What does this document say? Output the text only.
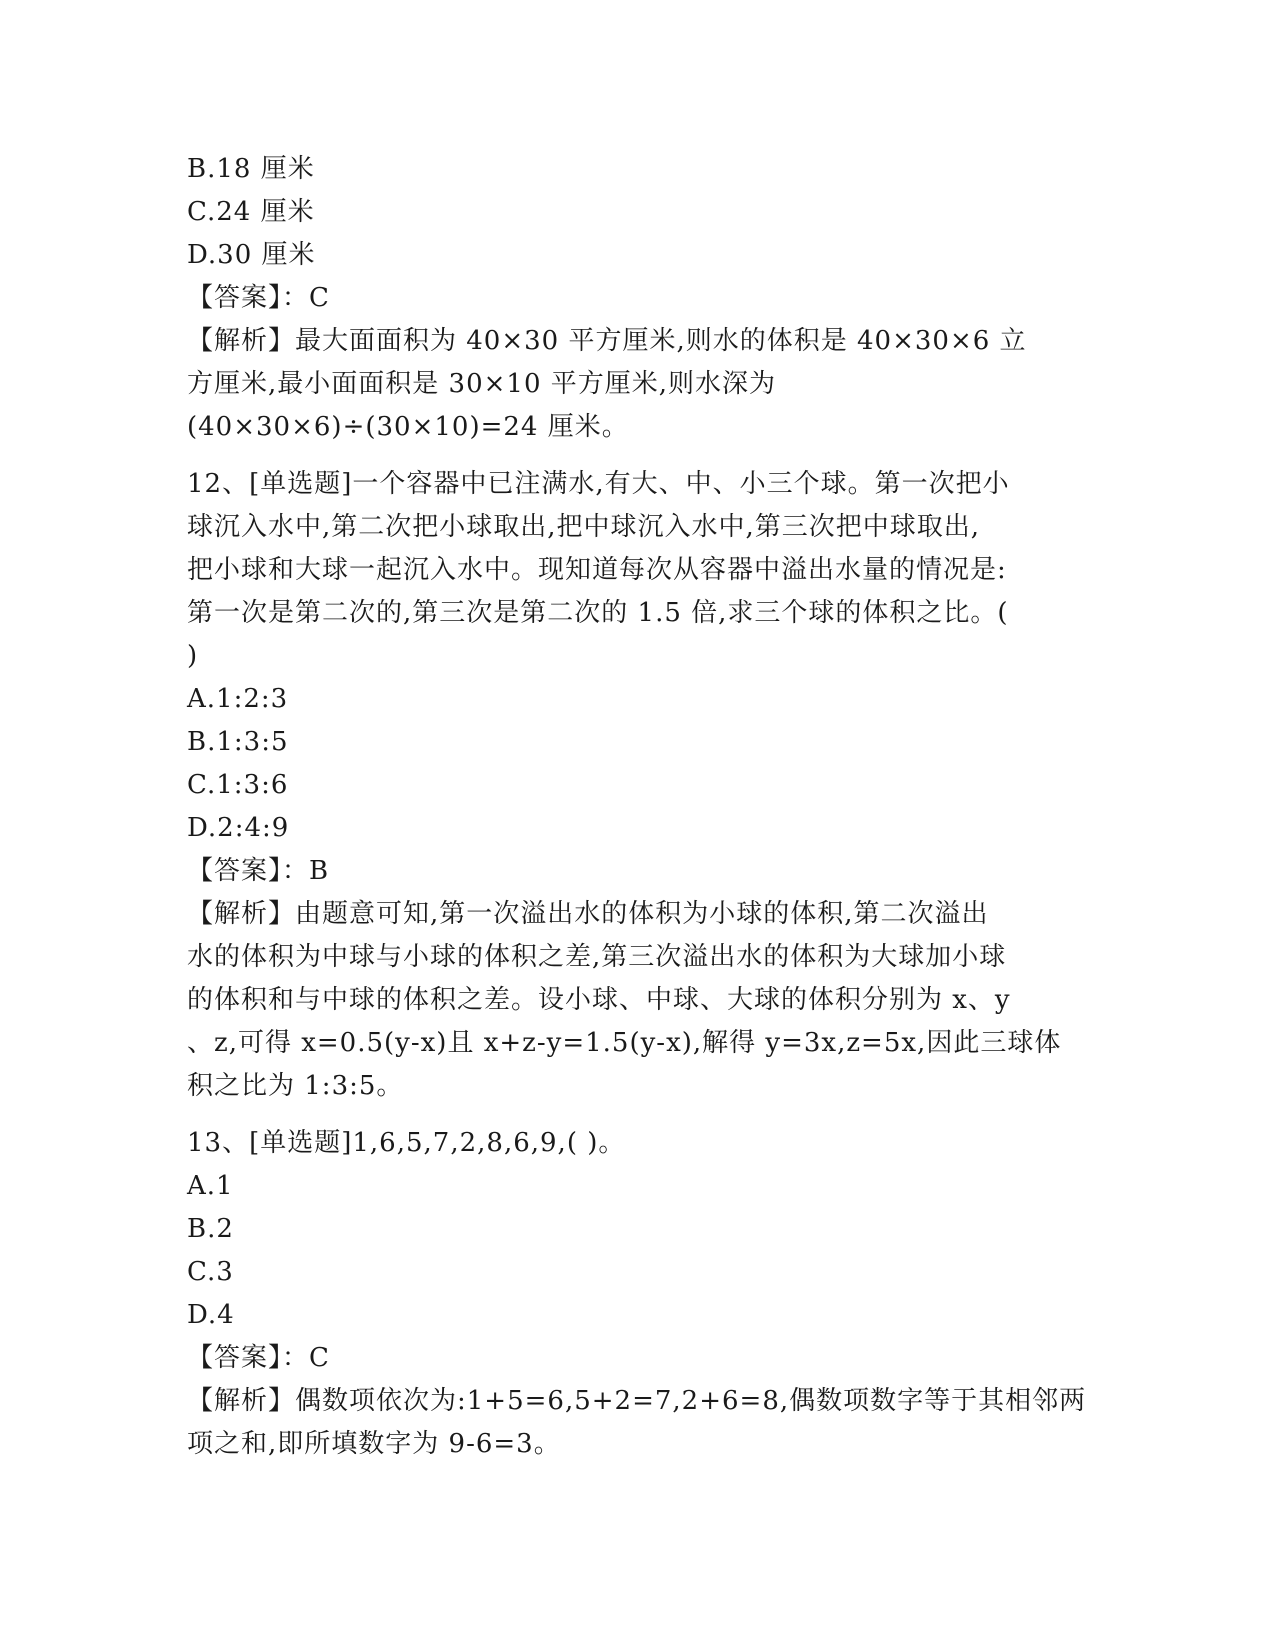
B.18 厘米
C.24 厘米
D.30 厘米
【答案】：C
【解析】最大面面积为 40×30 平方厘米,则水的体积是 40×30×6 立
方厘米,最小面面积是 30×10 平方厘米,则水深为
(40×30×6)÷(30×10)=24 厘米。
12、[单选题]一个容器中已注满水,有大、中、小三个球。第一次把小
球沉入水中,第二次把小球取出,把中球沉入水中,第三次把中球取出,
把小球和大球一起沉入水中。现知道每次从容器中溢出水量的情况是:
第一次是第二次的,第三次是第二次的 1.5 倍,求三个球的体积之比。(
)
A.1:2:3
B.1:3:5
C.1:3:6
D.2:4:9
【答案】：B
【解析】由题意可知,第一次溢出水的体积为小球的体积,第二次溢出
水的体积为中球与小球的体积之差,第三次溢出水的体积为大球加小球
的体积和与中球的体积之差。设小球、中球、大球的体积分别为 x、y
、z,可得 x=0.5(y-x)且 x+z-y=1.5(y-x),解得 y=3x,z=5x,因此三球体
积之比为 1:3:5。
13、[单选题]1,6,5,7,2,8,6,9,( )。
A.1
B.2
C.3
D.4
【答案】：C
【解析】偶数项依次为:1+5=6,5+2=7,2+6=8,偶数项数字等于其相邻两
项之和,即所填数字为 9-6=3。
